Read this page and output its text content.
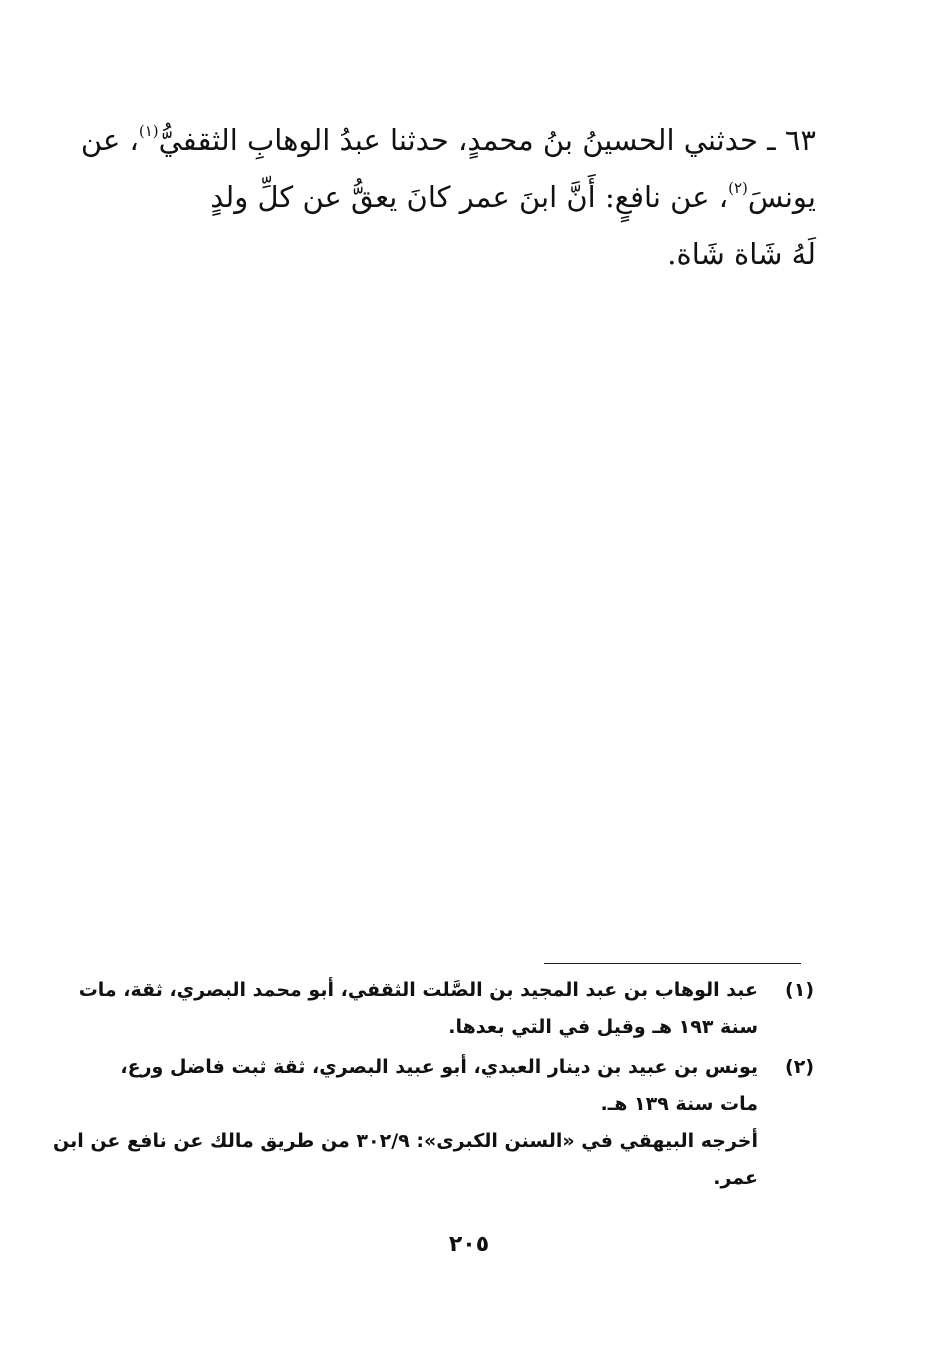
٦٣ ـ حدثني الحسينُ بنُ محمدٍ، حدثنا عبدُ الوهابِ الثقفيُّ$^{(١)}$، عن
يونسَ$^{(٢)}$، عن نافعٍ: أَنَّ ابنَ عمر كانَ يعقُّ عن كلِّ ولدٍ
لَهُ شَاة شَاة.
(١)
عبد الوهاب بن عبد المجيد بن الصَّلت الثقفي، أبو محمد البصري، ثقة، مات
سنة ١٩٣ هـ وقيل في التي بعدها.
(٢)
يونس بن عبيد بن دينار العبدي، أبو عبيد البصري، ثقة ثبت فاضل ورع،
مات سنة ١٣٩ هـ.
أخرجه البيهقي في «السنن الكبرى»: ٣٠٢/٩ من طريق مالك عن نافع عن ابن
عمر.
٢٠٥
